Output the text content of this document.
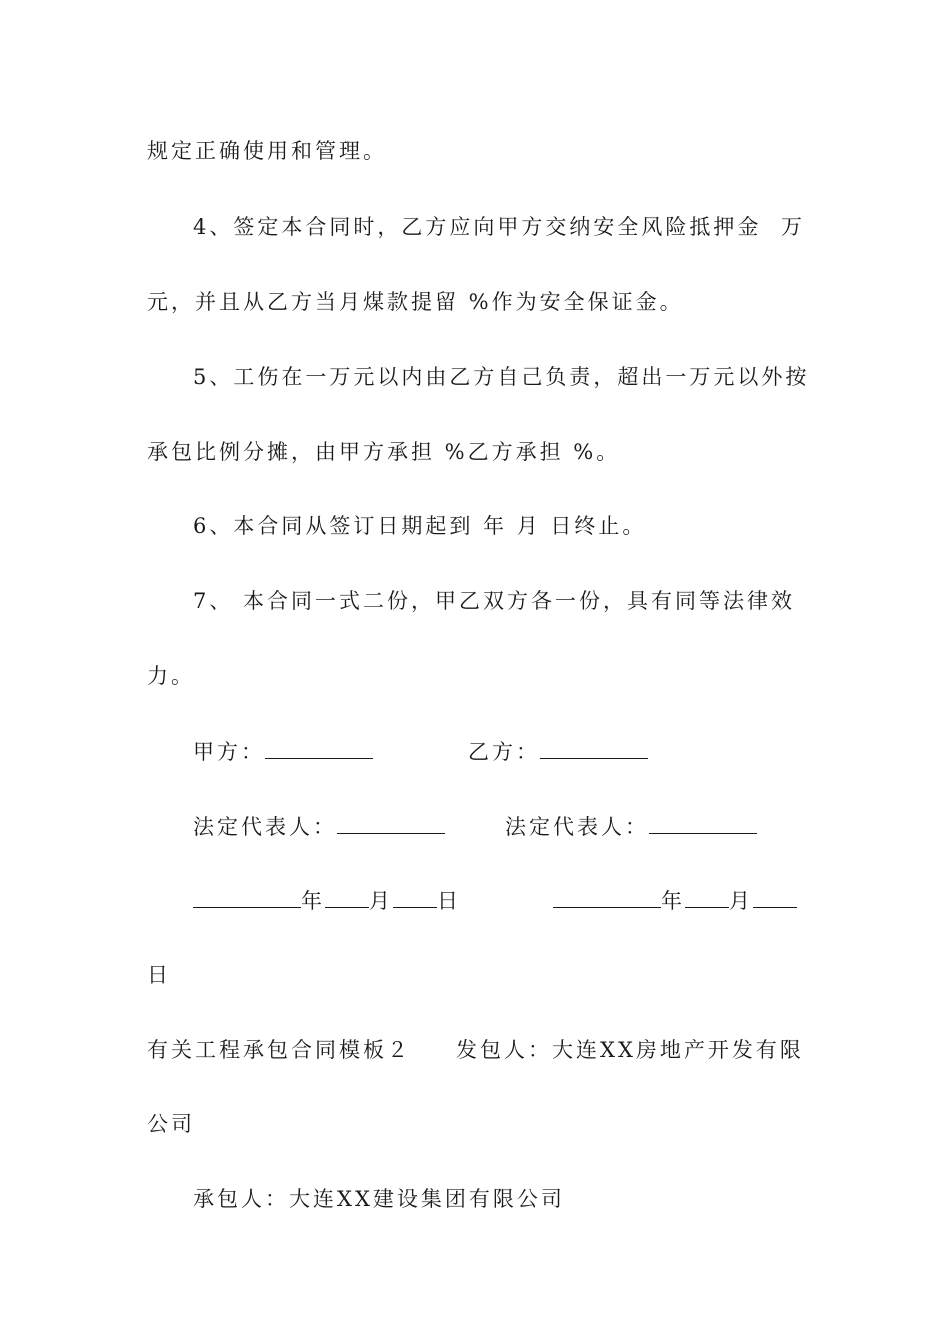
规定正确使用和管理。
4、签定本合同时，乙方应向甲方交纳安全风险抵押金 万
元，并且从乙方当月煤款提留 %作为安全保证金。
5、工伤在一万元以内由乙方自己负责，超出一万元以外按
承包比例分摊，由甲方承担 %乙方承担 %。
6、本合同从签订日期起到 年 月 日终止。
7、 本合同一式二份，甲乙双方各一份，具有同等法律效
力。
甲方：	乙方：
法定代表人：	法定代表人：
年 月 日	年 月
日
有关工程承包合同模板２ 发包人：大连XX房地产开发有限
公司
承包人：大连XX建设集团有限公司
